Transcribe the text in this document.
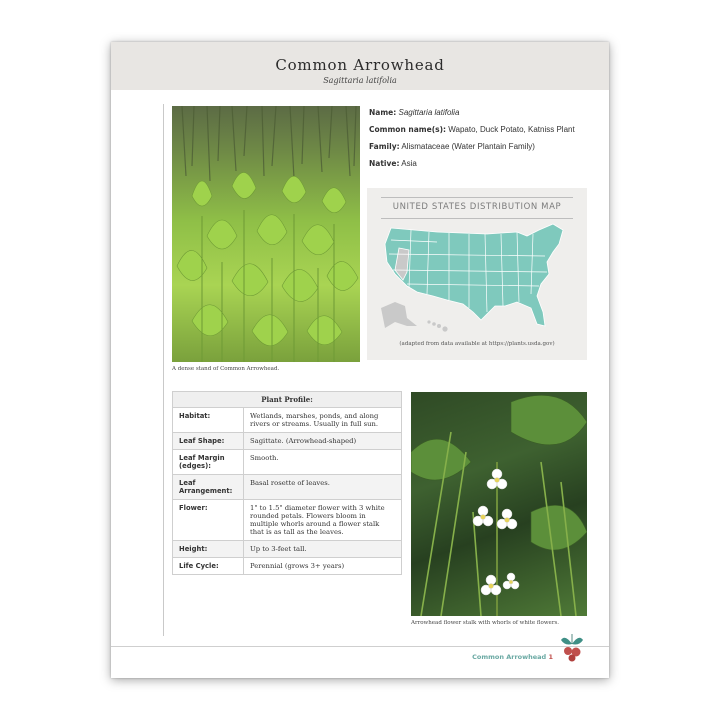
Common Arrowhead
Sagittaria latifolia
A dense stand of Common Arrowhead.
Name: Sagittaria latifolia
Common name(s): Wapato, Duck Potato, Katniss Plant
Family: Alismataceae (Water Plantain Family)
Native: Asia
UNITED STATES DISTRIBUTION MAP
(adapted from data available at https://plants.usda.gov)
Plant Profile:	
Habitat:	Wetlands, marshes, ponds, and along rivers or streams. Usually in full sun.
Leaf Shape:	Sagittate. (Arrowhead-shaped)
Leaf Margin (edges):	Smooth.
Leaf Arrangement:	Basal rosette of leaves.
Flower:	1" to 1.5" diameter flower with 3 white rounded petals. Flowers bloom in multiple whorls around a flower stalk that is as tall as the leaves.
Height:	Up to 3-feet tall.
Life Cycle:	Perennial (grows 3+ years)
Arrowhead flower stalk with whorls of white flowers.
Common Arrowhead 1
